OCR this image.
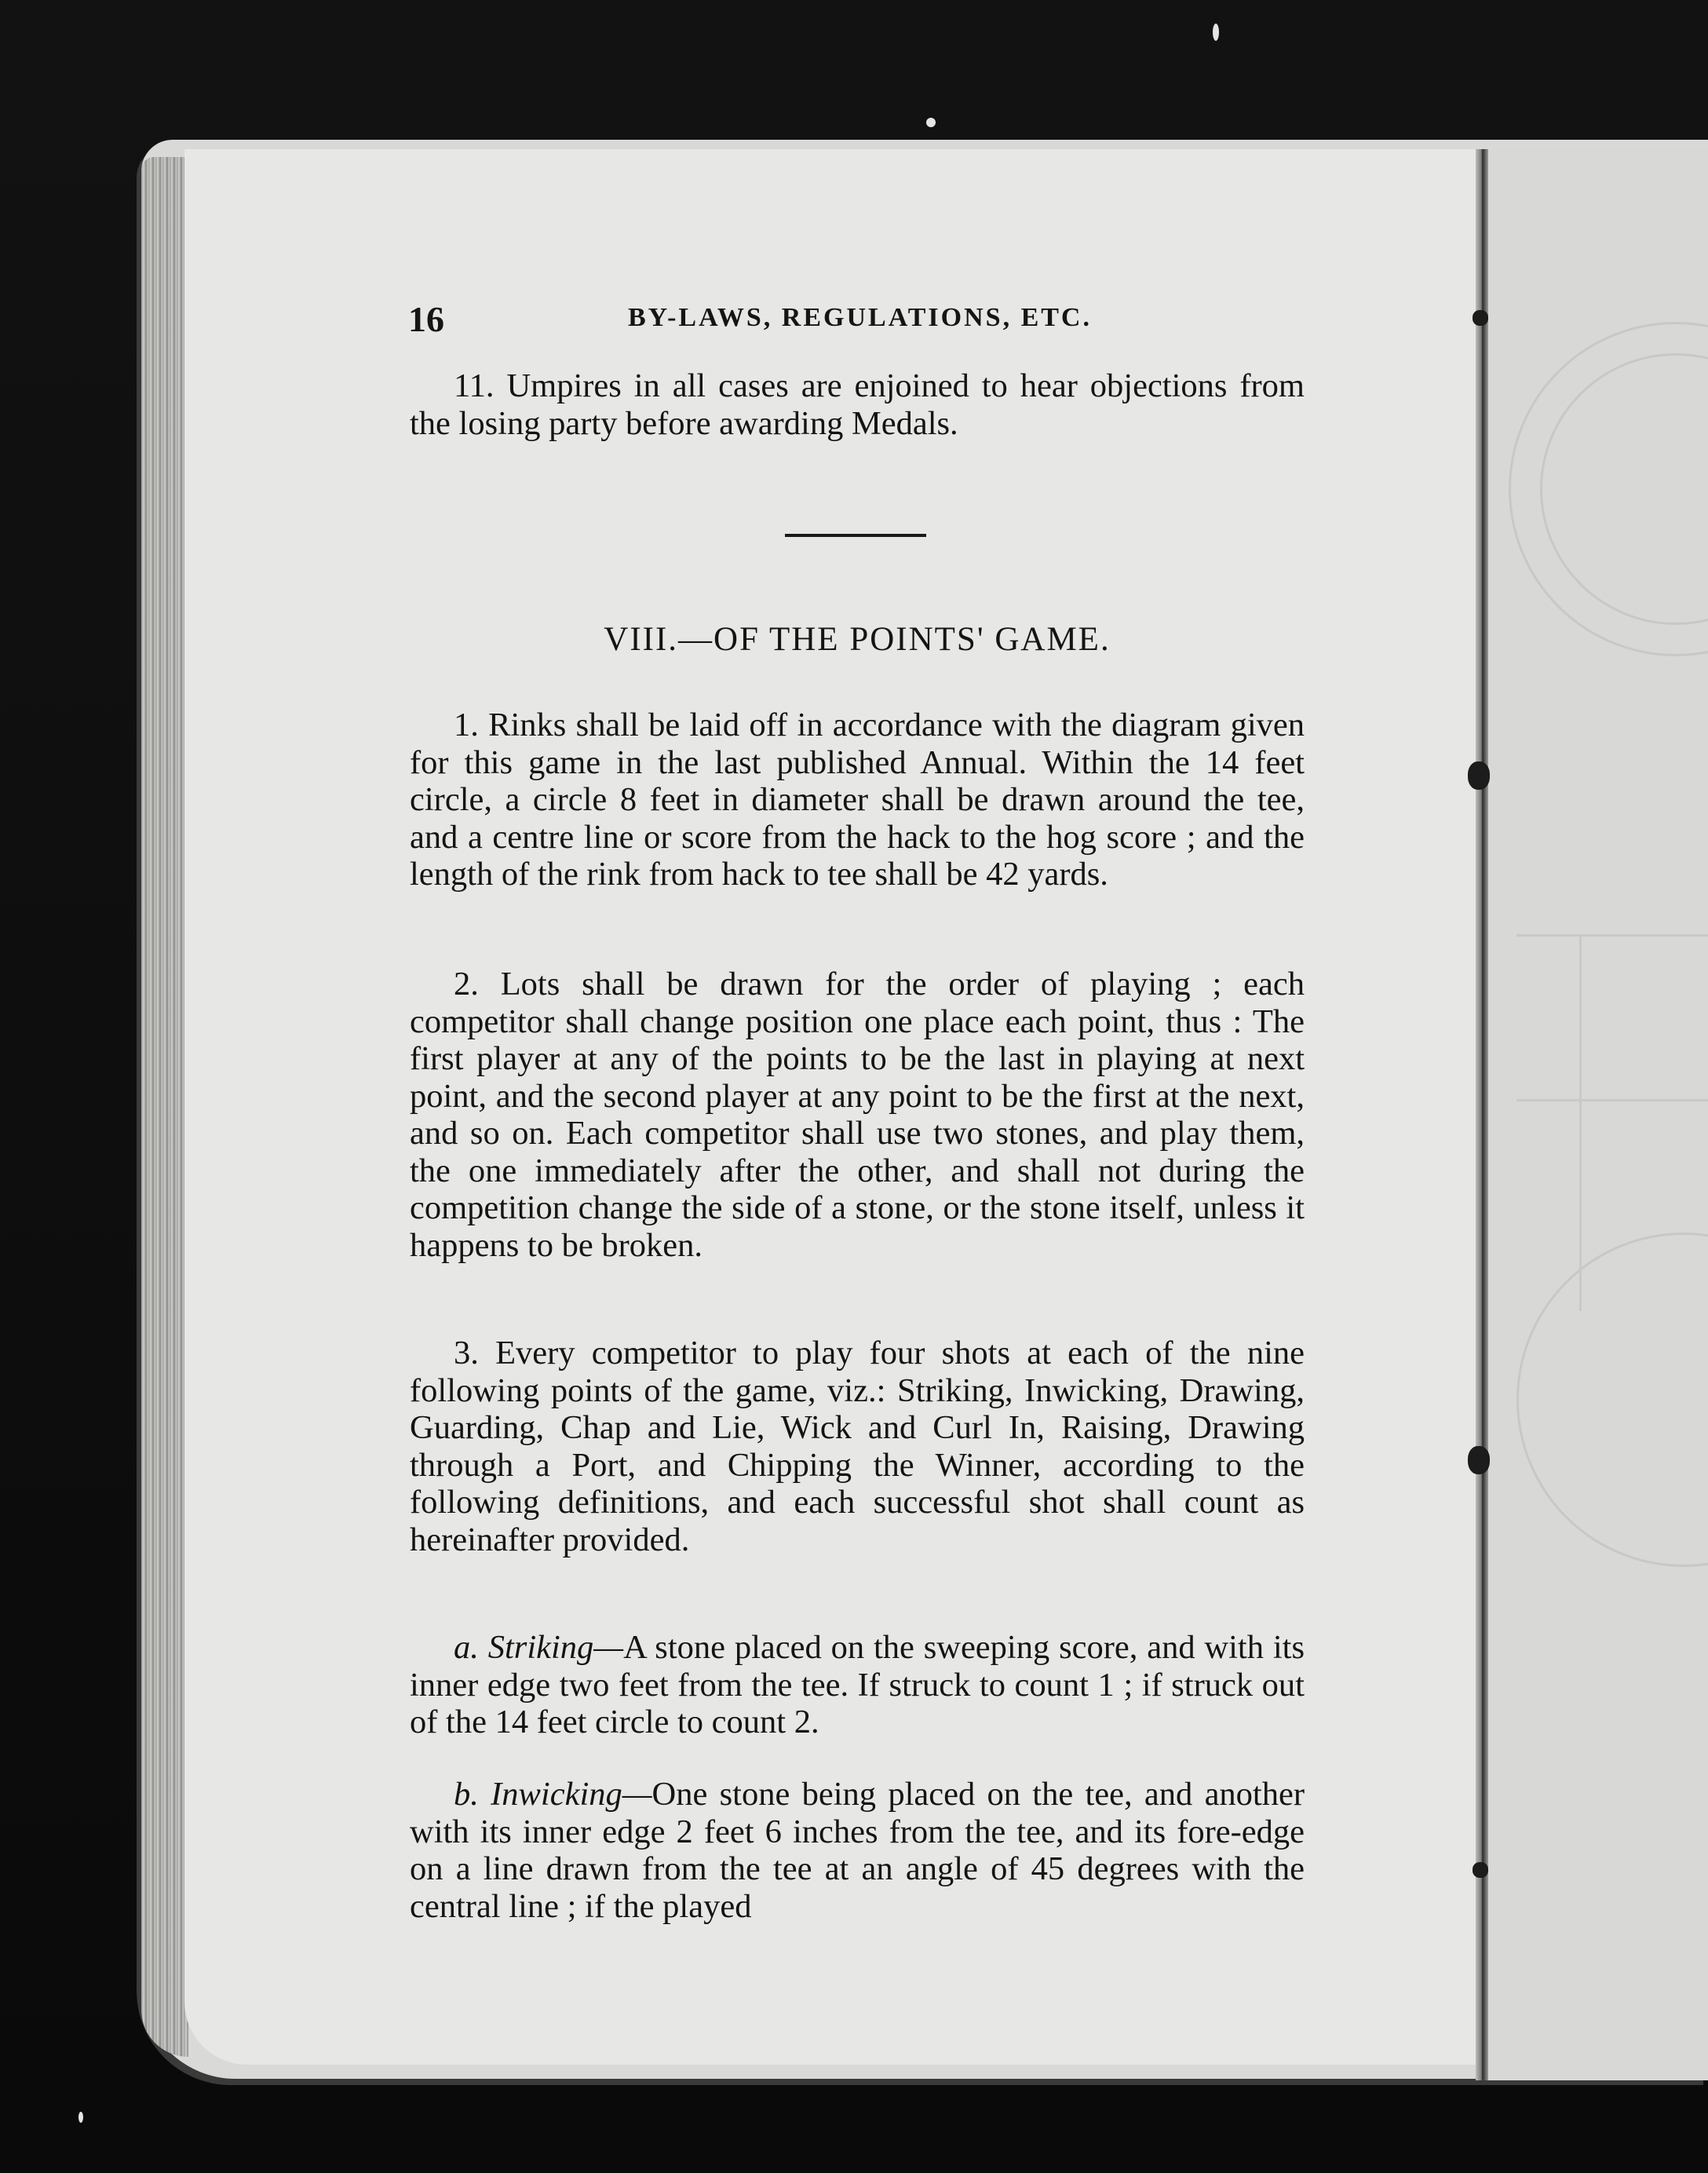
16	BY-LAWS, REGULATIONS, ETC.

11. Umpires in all cases are enjoined to hear objections from the losing party before awarding Medals.

VIII.—OF THE POINTS' GAME.

1. Rinks shall be laid off in accordance with the diagram given for this game in the last published Annual. Within the 14 feet circle, a circle 8 feet in diameter shall be drawn around the tee, and a centre line or score from the hack to the hog score ; and the length of the rink from hack to tee shall be 42 yards.

2. Lots shall be drawn for the order of playing ; each competitor shall change position one place each point, thus : The first player at any of the points to be the last in playing at next point, and the second player at any point to be the first at the next, and so on. Each competitor shall use two stones, and play them, the one immediately after the other, and shall not during the competition change the side of a stone, or the stone itself, unless it happens to be broken.

3. Every competitor to play four shots at each of the nine following points of the game, viz.: Striking, Inwicking, Drawing, Guarding, Chap and Lie, Wick and Curl In, Raising, Drawing through a Port, and Chipping the Winner, according to the following definitions, and each successful shot shall count as hereinafter provided.

a. Striking—A stone placed on the sweeping score, and with its inner edge two feet from the tee. If struck to count 1 ; if struck out of the 14 feet circle to count 2.

b. Inwicking—One stone being placed on the tee, and another with its inner edge 2 feet 6 inches from the tee, and its fore-edge on a line drawn from the tee at an angle of 45 degrees with the central line ; if the played
